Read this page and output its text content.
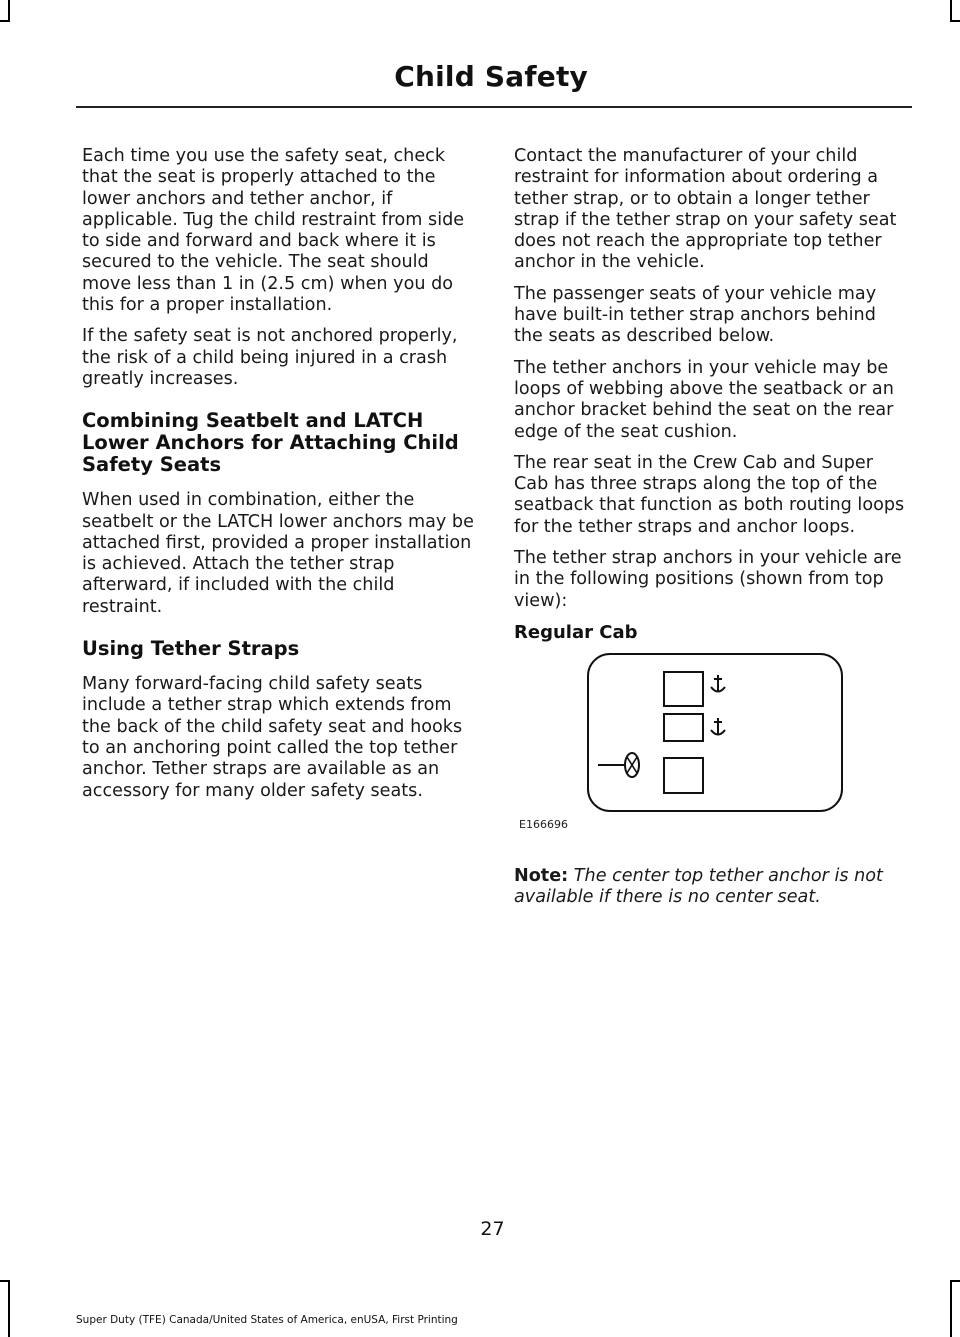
Child Safety

Each time you use the safety seat, check that the seat is properly attached to the lower anchors and tether anchor, if applicable. Tug the child restraint from side to side and forward and back where it is secured to the vehicle. The seat should move less than 1 in (2.5 cm) when you do this for a proper installation.

If the safety seat is not anchored properly, the risk of a child being injured in a crash greatly increases.

Combining Seatbelt and LATCH Lower Anchors for Attaching Child Safety Seats

When used in combination, either the seatbelt or the LATCH lower anchors may be attached first, provided a proper installation is achieved. Attach the tether strap afterward, if included with the child restraint.

Using Tether Straps

Many forward-facing child safety seats include a tether strap which extends from the back of the child safety seat and hooks to an anchoring point called the top tether anchor. Tether straps are available as an accessory for many older safety seats.

Contact the manufacturer of your child restraint for information about ordering a tether strap, or to obtain a longer tether strap if the tether strap on your safety seat does not reach the appropriate top tether anchor in the vehicle.

The passenger seats of your vehicle may have built-in tether strap anchors behind the seats as described below.

The tether anchors in your vehicle may be loops of webbing above the seatback or an anchor bracket behind the seat on the rear edge of the seat cushion.

The rear seat in the Crew Cab and Super Cab has three straps along the top of the seatback that function as both routing loops for the tether straps and anchor loops.

The tether strap anchors in your vehicle are in the following positions (shown from top view):

Regular Cab
E166696

Note: The center top tether anchor is not available if there is no center seat.

27
Super Duty (TFE) Canada/United States of America, enUSA, First Printing
